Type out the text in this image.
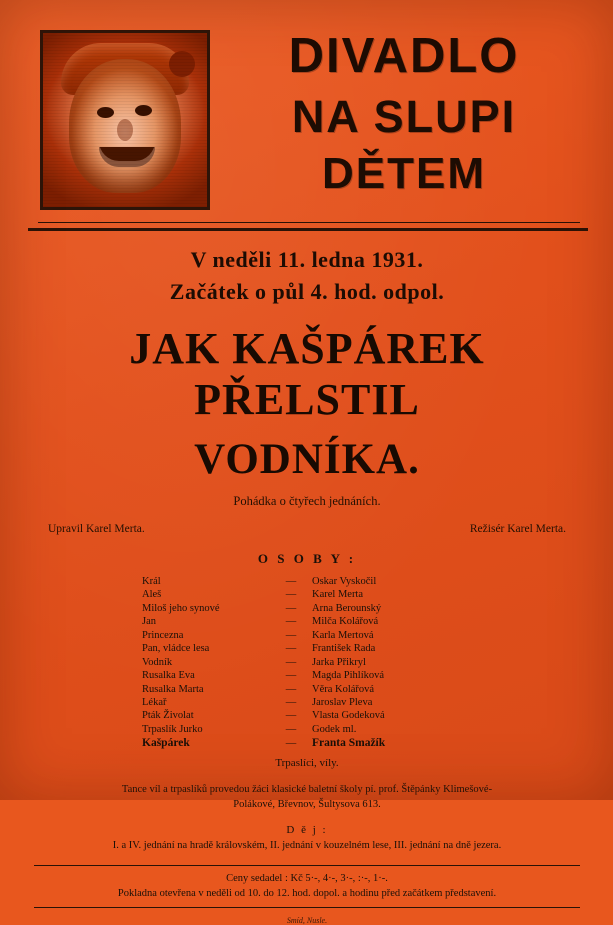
DIVADLO
NA SLUPI
DĚTEM
V neděli 11. ledna 1931.
Začátek o půl 4. hod. odpol.
JAK KAŠPÁREK PŘELSTIL
VODNÍKA.
Pohádka o čtyřech jednáních.
Upravil Karel Merta.	Režisér Karel Merta.
O S O B Y :
Král	—	Oskar Vyskočil
Aleš	—	Karel Merta
Miloš jeho synové	—	Arna Berounský
Jan	—	Milča Kolářová
Princezna	—	Karla Mertová
Pan, vládce lesa	—	František Rada
Vodník	—	Jarka Přikryl
Rusalka Eva	—	Magda Pihlíková
Rusalka Marta	—	Věra Kolářová
Lékař	—	Jaroslav Pleva
Pták Živolat	—	Vlasta Godeková
Trpaslík Jurko	—	Godek ml.
Kašpárek	—	Franta Smažík
Trpaslíci, víly.
Tance víl a trpaslíků provedou žáci klasické baletní školy pí. prof. Štěpánky Klimešové-
Polákové, Břevnov, Šultysova 613.
D ě j :
I. a IV. jednání na hradě královském, II. jednání v kouzelném lese, III. jednání na dně jezera.
Ceny sedadel : Kč 5·-, 4·-, 3·-, :·-, 1·-.
Pokladna otevřena v neděli od 10. do 12. hod. dopol. a hodinu před začátkem představení.
Smíd, Nusle.
